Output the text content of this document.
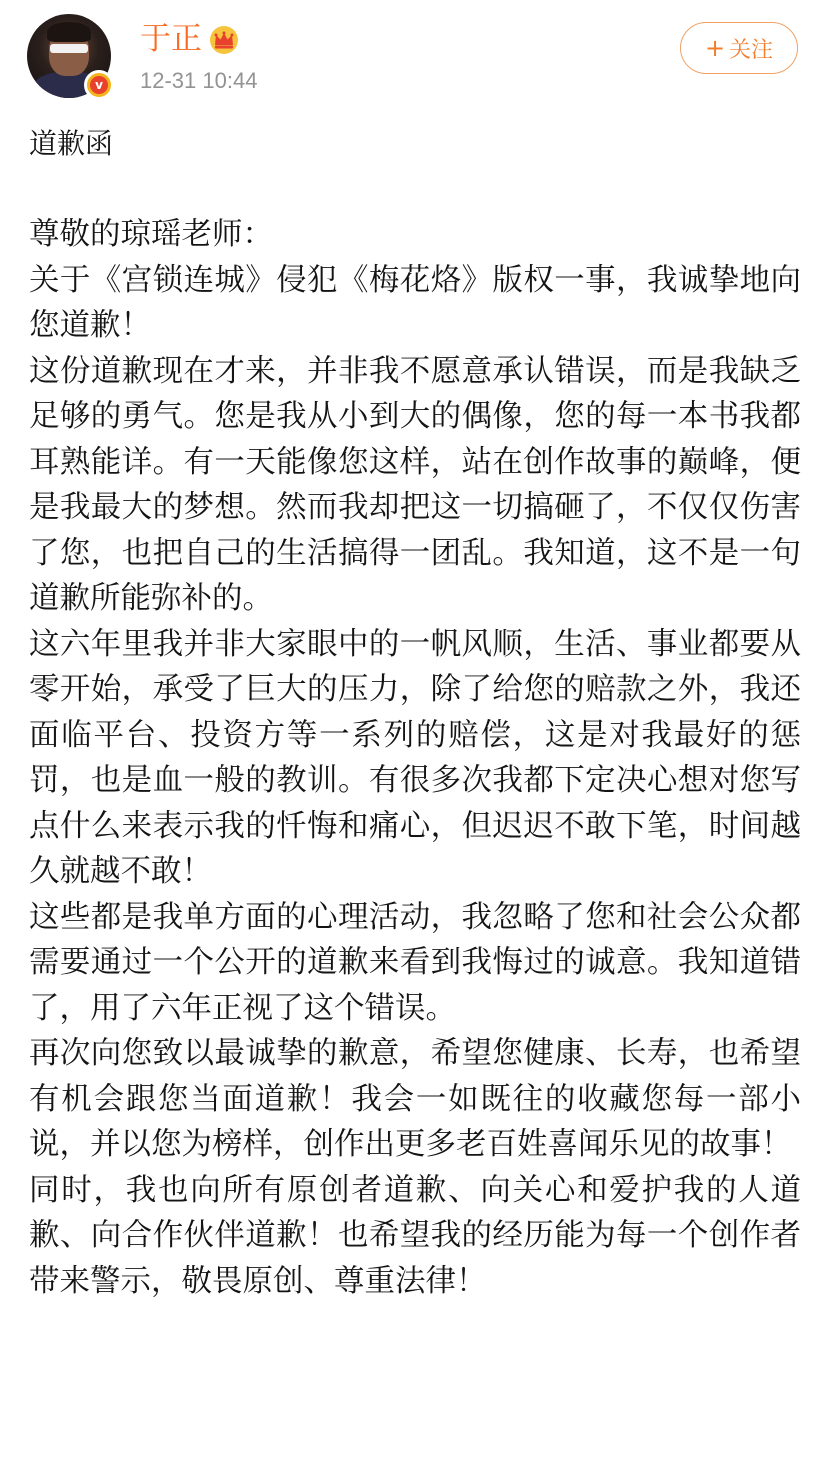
v
于正
12-31 10:44
+ 关注
道歉函

尊敬的琼瑶老师：

关于《宫锁连城》侵犯《梅花烙》版权一事，我诚挚地向您道歉！

这份道歉现在才来，并非我不愿意承认错误，而是我缺乏足够的勇气。您是我从小到大的偶像，您的每一本书我都耳熟能详。有一天能像您这样，站在创作故事的巅峰，便是我最大的梦想。然而我却把这一切搞砸了，不仅仅伤害了您，也把自己的生活搞得一团乱。我知道，这不是一句道歉所能弥补的。

这六年里我并非大家眼中的一帆风顺，生活、事业都要从零开始，承受了巨大的压力，除了给您的赔款之外，我还面临平台、投资方等一系列的赔偿，这是对我最好的惩罚，也是血一般的教训。有很多次我都下定决心想对您写点什么来表示我的忏悔和痛心，但迟迟不敢下笔，时间越久就越不敢！

这些都是我单方面的心理活动，我忽略了您和社会公众都需要通过一个公开的道歉来看到我悔过的诚意。我知道错了，用了六年正视了这个错误。

再次向您致以最诚挚的歉意，希望您健康、长寿，也希望有机会跟您当面道歉！我会一如既往的收藏您每一部小说，并以您为榜样，创作出更多老百姓喜闻乐见的故事！

同时，我也向所有原创者道歉、向关心和爱护我的人道歉、向合作伙伴道歉！也希望我的经历能为每一个创作者带来警示，敬畏原创、尊重法律！
